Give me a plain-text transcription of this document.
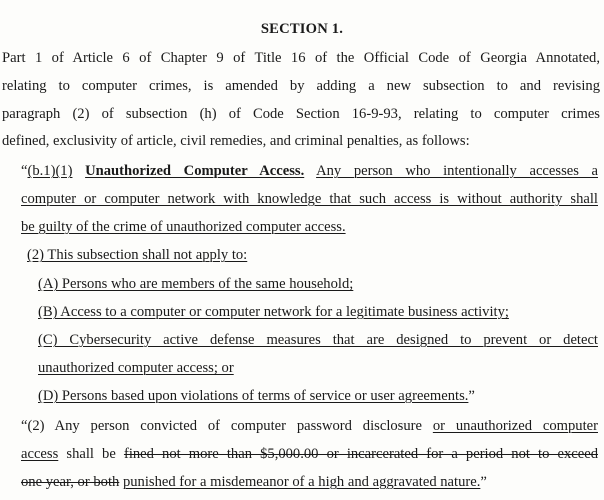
SECTION 1.
Part 1 of Article 6 of Chapter 9 of Title 16 of the Official Code of Georgia Annotated,
relating to computer crimes, is amended by adding a new subsection to and revising
paragraph (2) of subsection (h) of Code Section 16-9-93, relating to computer crimes
defined, exclusivity of article, civil remedies, and criminal penalties, as follows:
“(b.1)(1) Unauthorized Computer Access. Any person who intentionally accesses a
computer or computer network with knowledge that such access is without authority shall
be guilty of the crime of unauthorized computer access.
(2) This subsection shall not apply to:
(A) Persons who are members of the same household;
(B) Access to a computer or computer network for a legitimate business activity;
(C) Cybersecurity active defense measures that are designed to prevent or detect
unauthorized computer access; or
(D) Persons based upon violations of terms of service or user agreements.”
“(2) Any person convicted of computer password disclosure or unauthorized computer
access shall be fined not more than $5,000.00 or incarcerated for a period not to exceed
one year, or both punished for a misdemeanor of a high and aggravated nature.”
